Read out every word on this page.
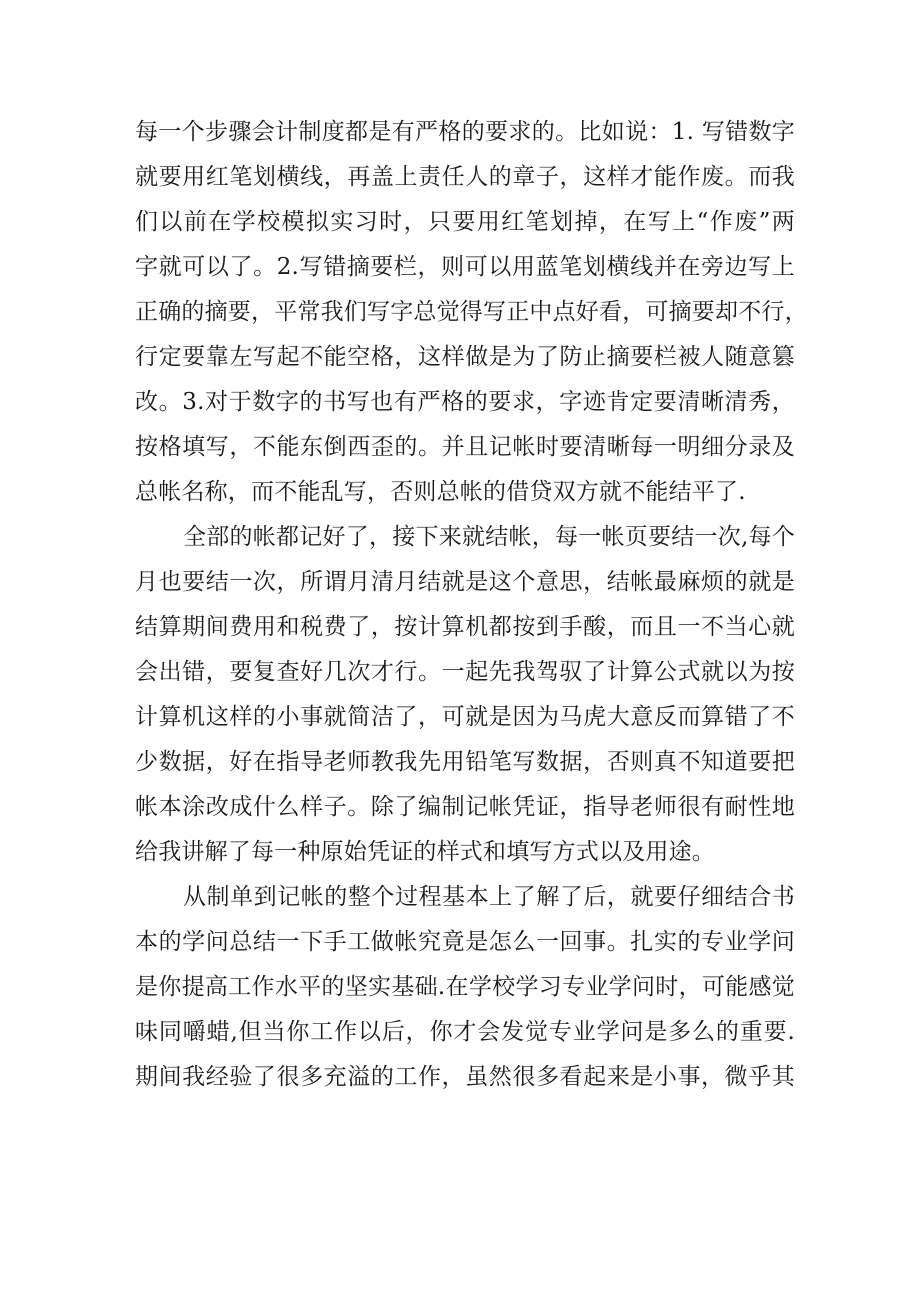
每一个步骤会计制度都是有严格的要求的。比如说：1. 写错数字
就要用红笔划横线，再盖上责任人的章子，这样才能作废。而我
们以前在学校模拟实习时，只要用红笔划掉，在写上“作废”两
字就可以了。2.写错摘要栏，则可以用蓝笔划横线并在旁边写上
正确的摘要，平常我们写字总觉得写正中点好看，可摘要却不行，
行定要靠左写起不能空格，这样做是为了防止摘要栏被人随意篡
改。3.对于数字的书写也有严格的要求，字迹肯定要清晰清秀，
按格填写，不能东倒西歪的。并且记帐时要清晰每一明细分录及
总帐名称，而不能乱写，否则总帐的借贷双方就不能结平了.
全部的帐都记好了，接下来就结帐，每一帐页要结一次,每个
月也要结一次，所谓月清月结就是这个意思，结帐最麻烦的就是
结算期间费用和税费了，按计算机都按到手酸，而且一不当心就
会出错，要复查好几次才行。一起先我驾驭了计算公式就以为按
计算机这样的小事就简洁了，可就是因为马虎大意反而算错了不
少数据，好在指导老师教我先用铅笔写数据，否则真不知道要把
帐本涂改成什么样子。除了编制记帐凭证，指导老师很有耐性地
给我讲解了每一种原始凭证的样式和填写方式以及用途。
从制单到记帐的整个过程基本上了解了后，就要仔细结合书
本的学问总结一下手工做帐究竟是怎么一回事。扎实的专业学问
是你提高工作水平的坚实基础.在学校学习专业学问时，可能感觉
味同嚼蜡,但当你工作以后，你才会发觉专业学问是多么的重要.
期间我经验了很多充溢的工作，虽然很多看起来是小事，微乎其
